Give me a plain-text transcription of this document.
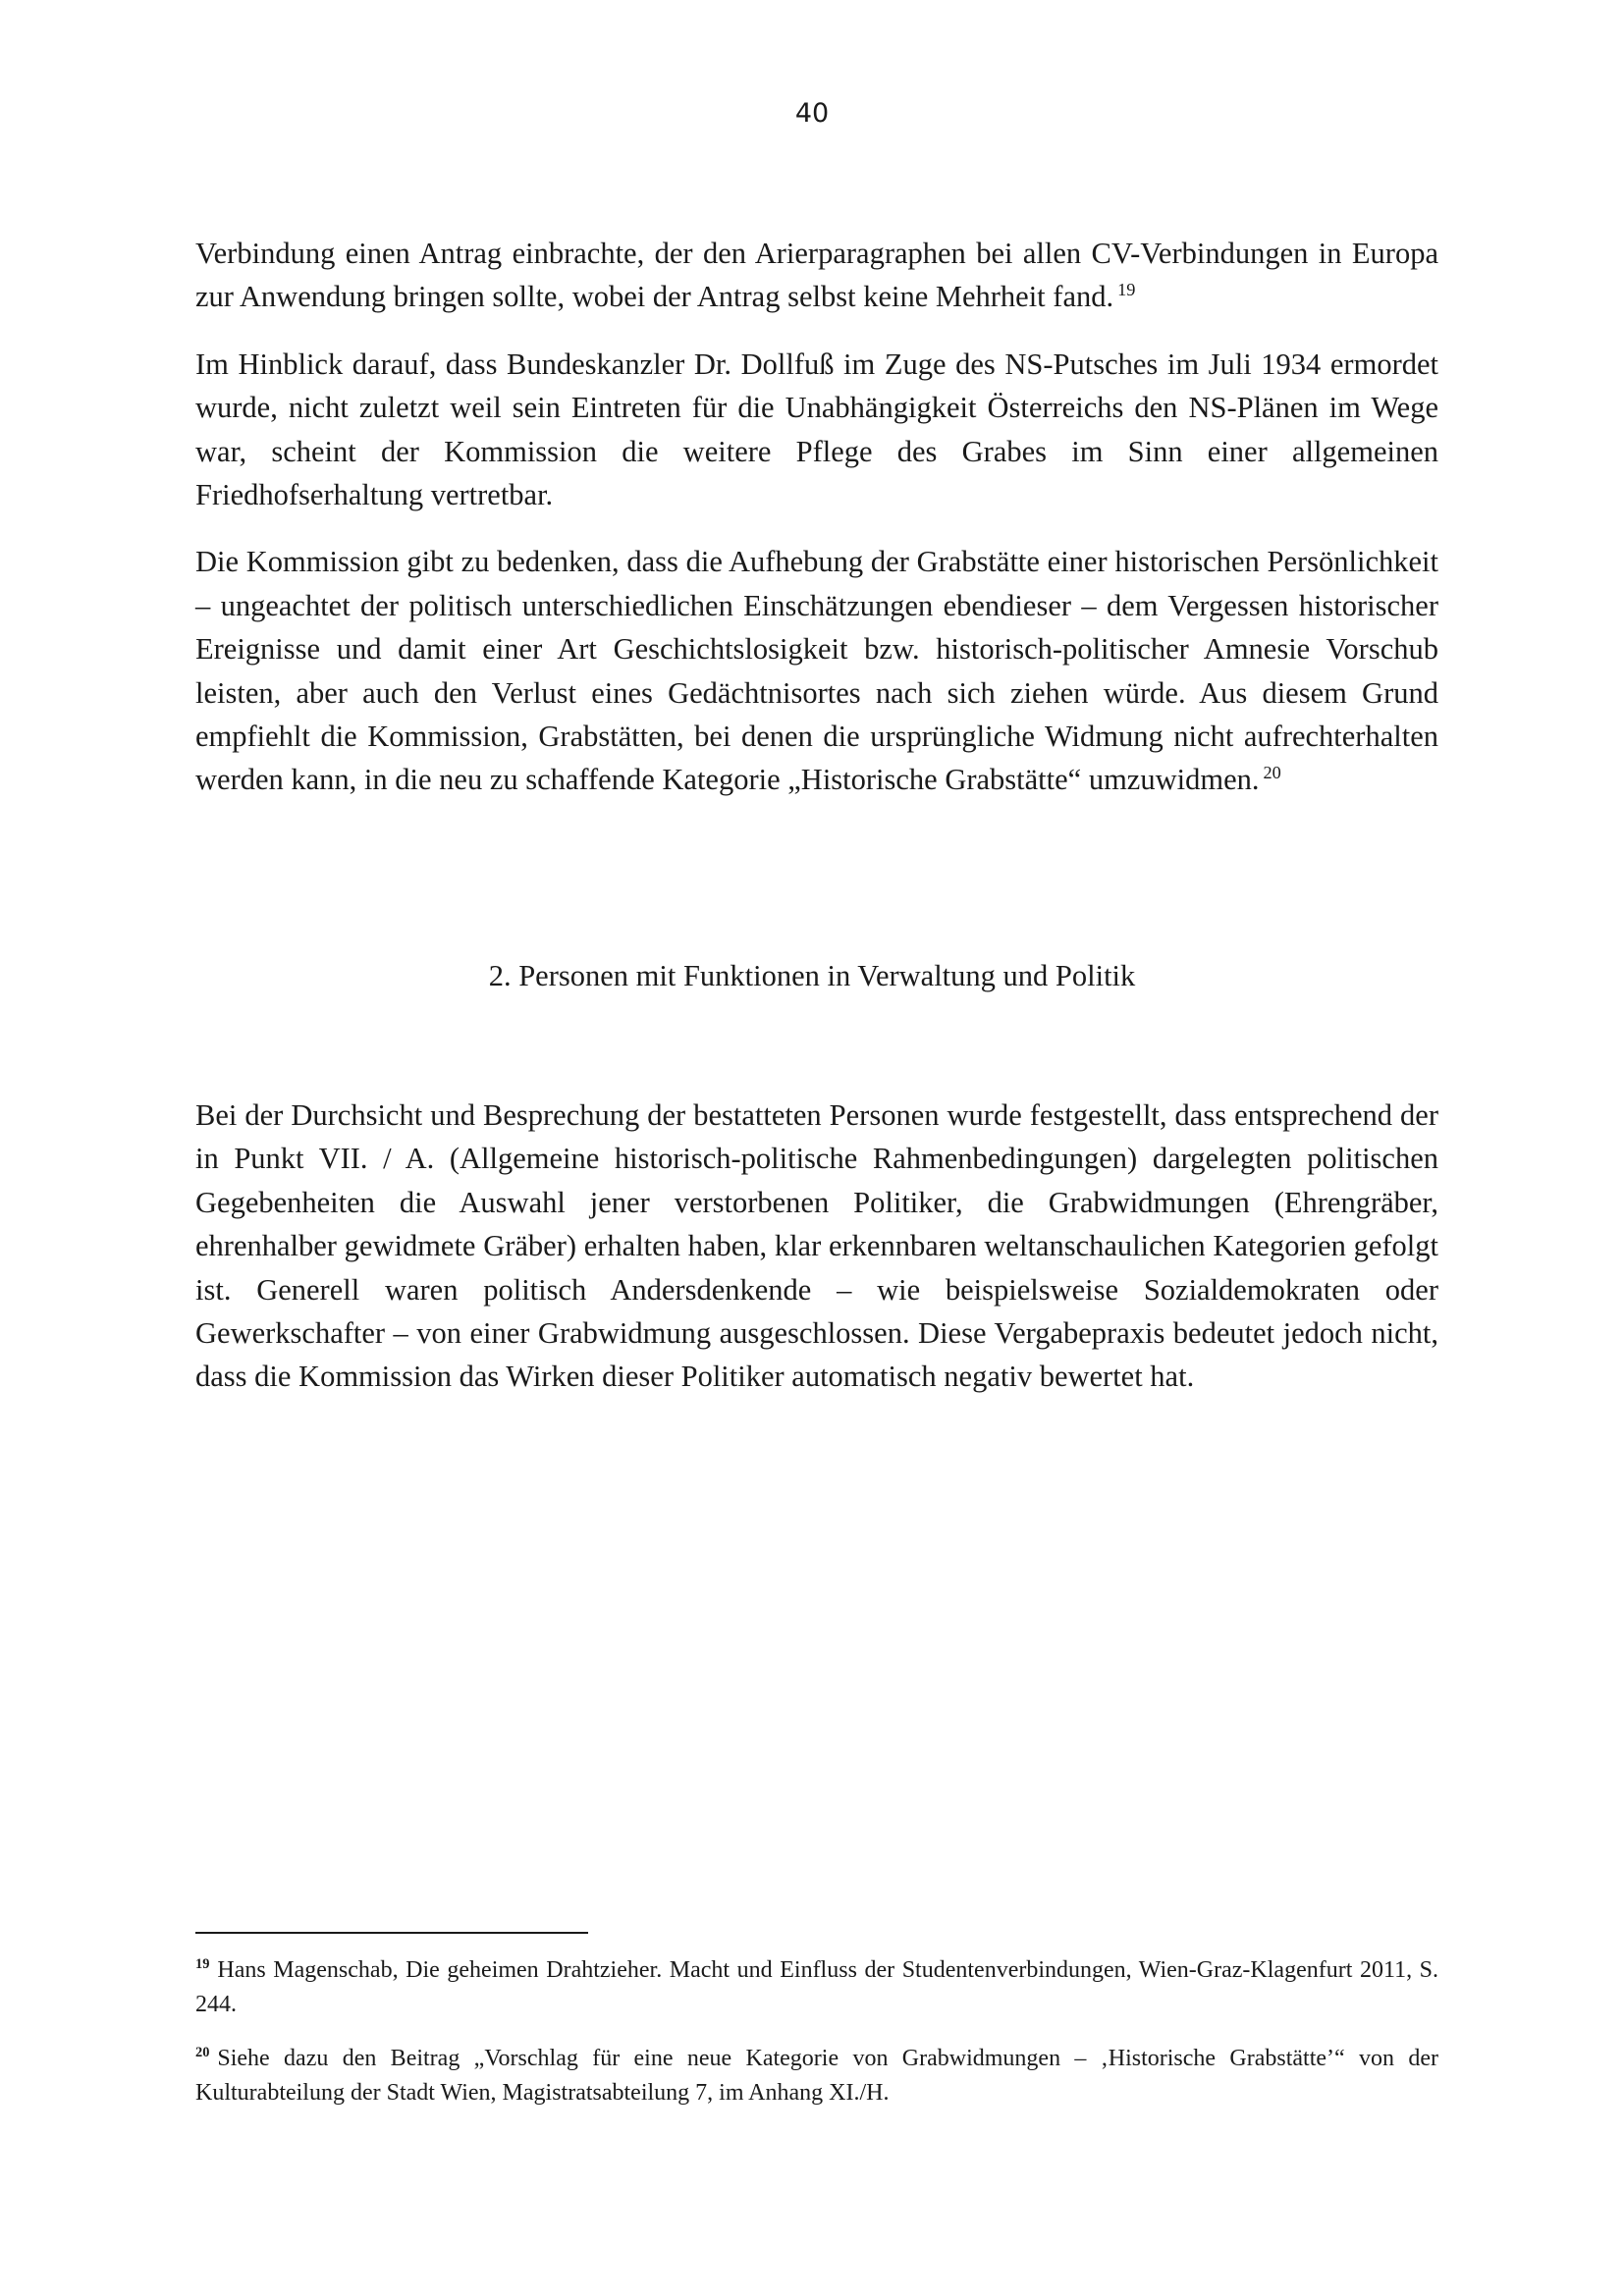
40

Verbindung einen Antrag einbrachte, der den Arierparagraphen bei allen CV-Verbindungen in Europa zur Anwendung bringen sollte, wobei der Antrag selbst keine Mehrheit fand. $^{19}$

Im Hinblick darauf, dass Bundeskanzler Dr. Dollfuß im Zuge des NS-Putsches im Juli 1934 ermordet wurde, nicht zuletzt weil sein Eintreten für die Unabhängigkeit Österreichs den NS-Plänen im Wege war, scheint der Kommission die weitere Pflege des Grabes im Sinn einer allgemeinen Friedhofserhaltung vertretbar.

Die Kommission gibt zu bedenken, dass die Aufhebung der Grabstätte einer historischen Persönlichkeit – ungeachtet der politisch unterschiedlichen Einschätzungen ebendieser – dem Vergessen historischer Ereignisse und damit einer Art Geschichtslosigkeit bzw. historisch-politischer Amnesie Vorschub leisten, aber auch den Verlust eines Gedächtnisortes nach sich ziehen würde. Aus diesem Grund empfiehlt die Kommission, Grabstätten, bei denen die ursprüngliche Widmung nicht aufrechterhalten werden kann, in die neu zu schaffende Kategorie „Historische Grabstätte“ umzuwidmen. $^{20}$

2. Personen mit Funktionen in Verwaltung und Politik

Bei der Durchsicht und Besprechung der bestatteten Personen wurde festgestellt, dass entsprechend der in Punkt VII. / A. (Allgemeine historisch-politische Rahmenbedingungen) dargelegten politischen Gegebenheiten die Auswahl jener verstorbenen Politiker, die Grabwidmungen (Ehrengräber, ehrenhalber gewidmete Gräber) erhalten haben, klar erkennbaren weltanschaulichen Kategorien gefolgt ist. Generell waren politisch Andersdenkende – wie beispielsweise Sozialdemokraten oder Gewerkschafter – von einer Grabwidmung ausgeschlossen. Diese Vergabepraxis bedeutet jedoch nicht, dass die Kommission das Wirken dieser Politiker automatisch negativ bewertet hat.

$^{19}$ Hans Magenschab, Die geheimen Drahtzieher. Macht und Einfluss der Studentenverbindungen, Wien-Graz-Klagenfurt 2011, S. 244.

$^{20}$ Siehe dazu den Beitrag „Vorschlag für eine neue Kategorie von Grabwidmungen – ‚Historische Grabstätte’“ von der Kulturabteilung der Stadt Wien, Magistratsabteilung 7, im Anhang XI./H.
